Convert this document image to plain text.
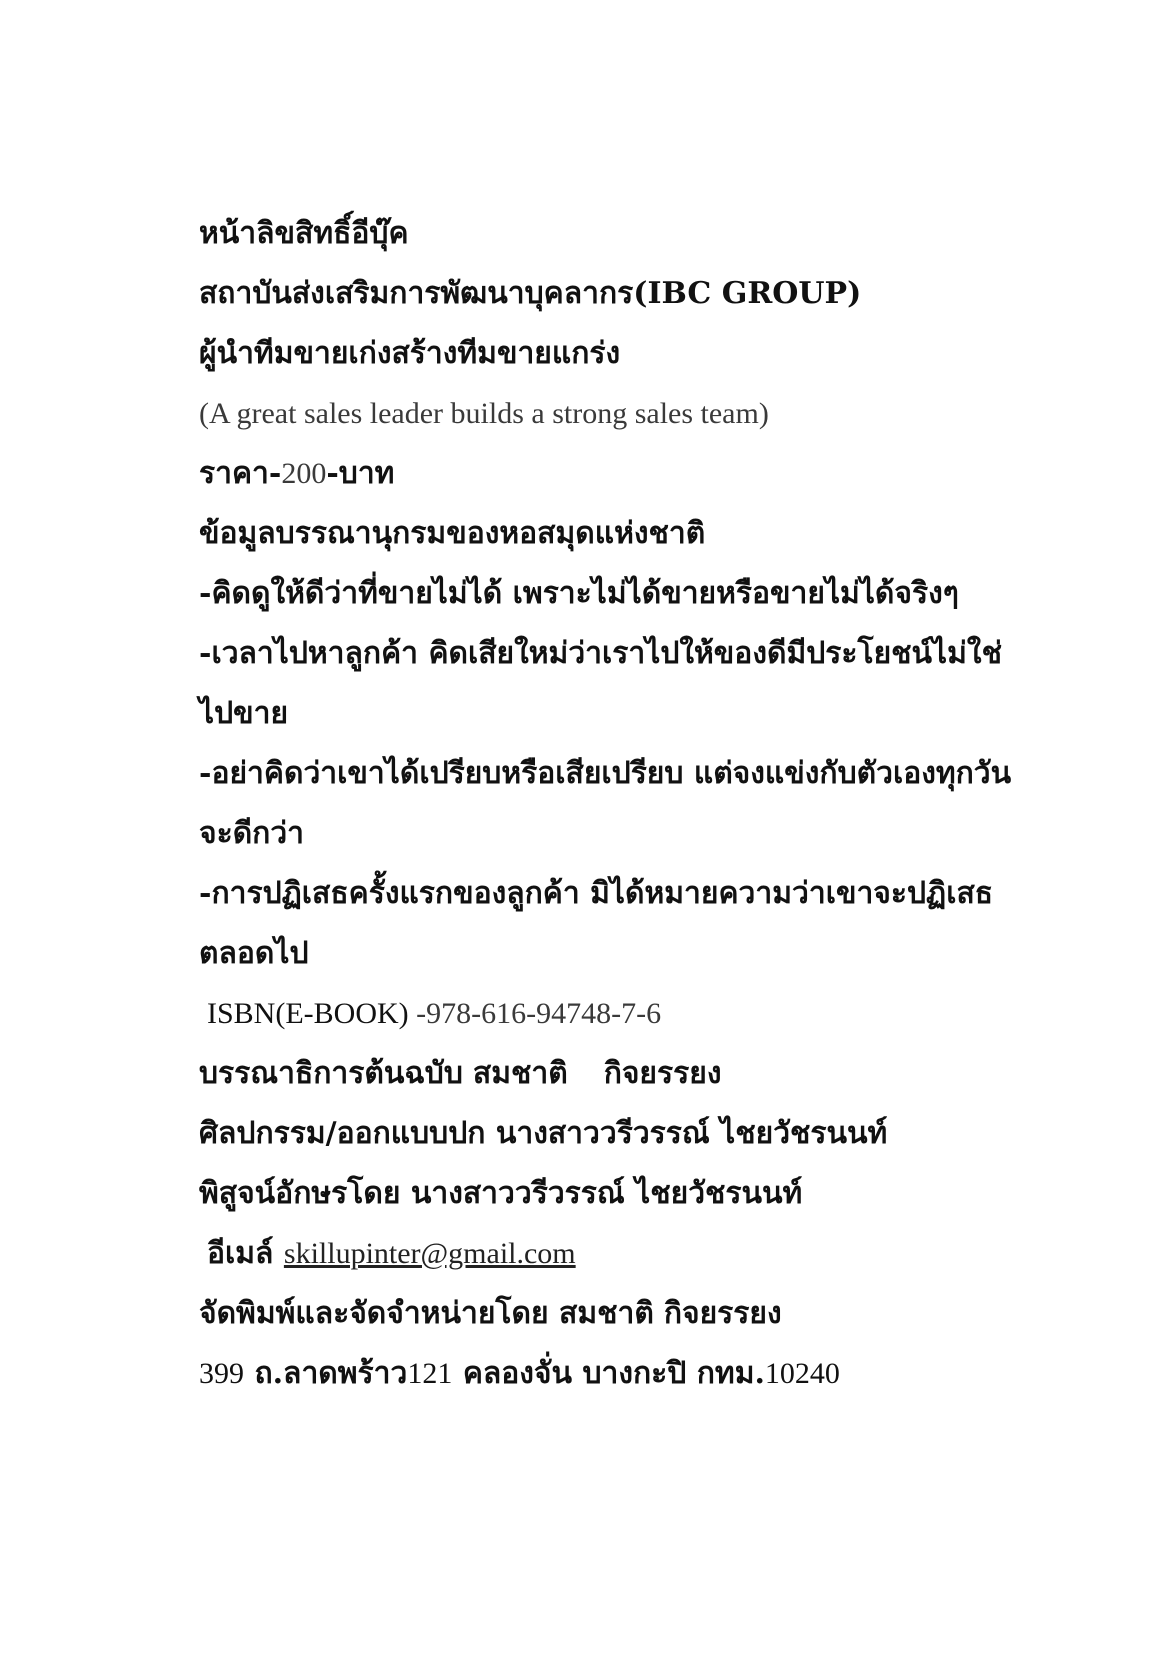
หน้าลิขสิทธิ์อีบุ๊ค
สถาบันส่งเสริมการพัฒนาบุคลากร(IBC GROUP)
ผู้นำทีมขายเก่งสร้างทีมขายแกร่ง
(A great sales leader builds a strong sales team)
ราคา-200-บาท
ข้อมูลบรรณานุกรมของหอสมุดแห่งชาติ
-คิดดูให้ดีว่าที่ขายไม่ได้ เพราะไม่ได้ขายหรือขายไม่ได้จริงๆ
-เวลาไปหาลูกค้า คิดเสียใหม่ว่าเราไปให้ของดีมีประโยชน์ไม่ใช่
ไปขาย
-อย่าคิดว่าเขาได้เปรียบหรือเสียเปรียบ แต่จงแข่งกับตัวเองทุกวัน
จะดีกว่า
-การปฏิเสธครั้งแรกของลูกค้า มิได้หมายความว่าเขาจะปฏิเสธ
ตลอดไป
ISBN(E-BOOK) -978-616-94748-7-6
บรรณาธิการต้นฉบับ สมชาติ กิจยรรยง
ศิลปกรรม/ออกแบบปก นางสาววรีวรรณ์ ไชยวัชรนนท์
พิสูจน์อักษรโดย นางสาววรีวรรณ์ ไชยวัชรนนท์
อีเมล์ skillupinter@gmail.com
จัดพิมพ์และจัดจำหน่ายโดย สมชาติ กิจยรรยง
399 ถ.ลาดพร้าว121 คลองจั่น บางกะปิ กทม.10240
